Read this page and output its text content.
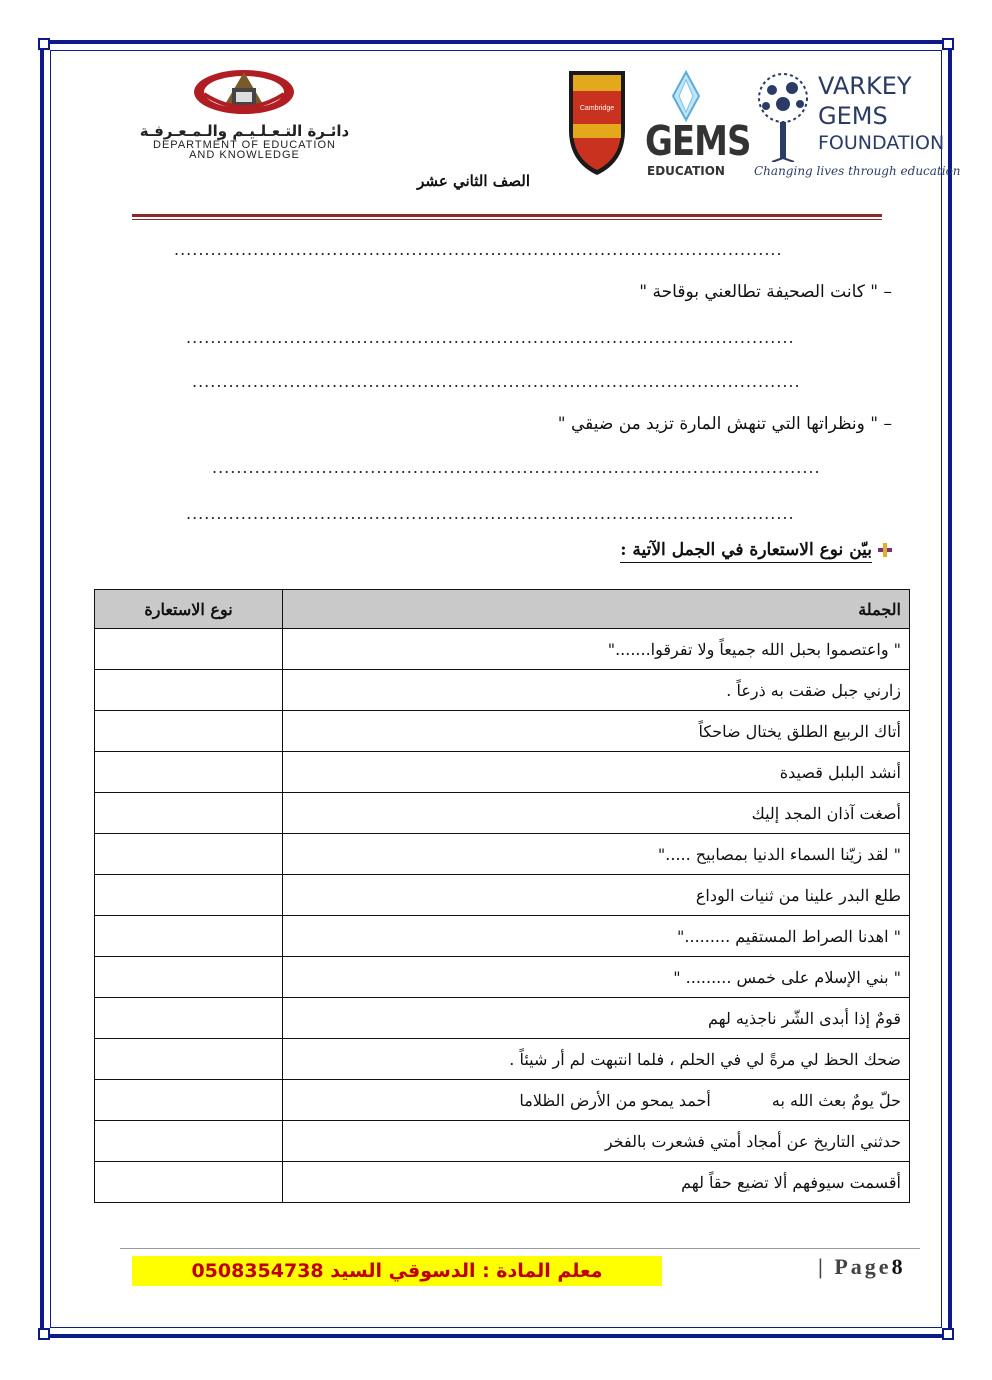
دائـرة التـعـلـيـم والـمـعـرفـة
DEPARTMENT OF EDUCATION
AND KNOWLEDGE
الصف الثاني عشر
Cambridge
GEMS
EDUCATION
VARKEY
GEMS
FOUNDATION
Changing lives through education
....................................................................................................
– " كانت الصحيفة تطالعني بوقاحة "
....................................................................................................
....................................................................................................
– " ونظراتها التي تنهش المارة تزيد من ضيقي "
....................................................................................................
....................................................................................................
بيّن نوع الاستعارة في الجمل الآتية :
الجملة	نوع الاستعارة
" واعتصموا بحبل الله جميعاً ولا تفرقوا......."	
زارني جبل ضقت به ذرعاً .	
أتاك الربيع الطلق يختال ضاحكاً	
أنشد البلبل قصيدة	
أصغت آذان المجد إليك	
" لقد زيّنا السماء الدنيا بمصابيح ....."	
طلع البدر علينا من ثنيات الوداع	
" اهدنا الصراط المستقيم ........."	
" بني الإسلام على خمس ......... "	
قومٌ إذا أبدى الشّر ناجذيه لهم	
ضحك الحظ لي مرةً لي في الحلم ، فلما انتبهت لم أر شيئاً .	
حلّ يومٌ بعث الله به            أحمد يمحو من الأرض الظلاما	
حدثني التاريخ عن أمجاد أمتي فشعرت بالفخر	
أقسمت سيوفهم ألا تضيع حقاً لهم	
معلم المادة : الدسوقي السيد 0508354738	| Page8
